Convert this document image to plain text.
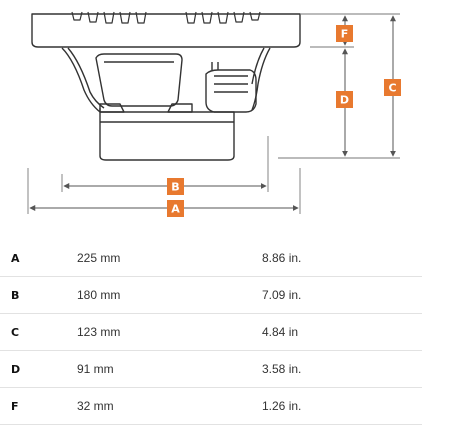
F
D
C
B
A
A	225 mm	8.86 in.
B	180 mm	7.09 in.
C	123 mm	4.84 in
D	91 mm	3.58 in.
F	32 mm	1.26 in.
